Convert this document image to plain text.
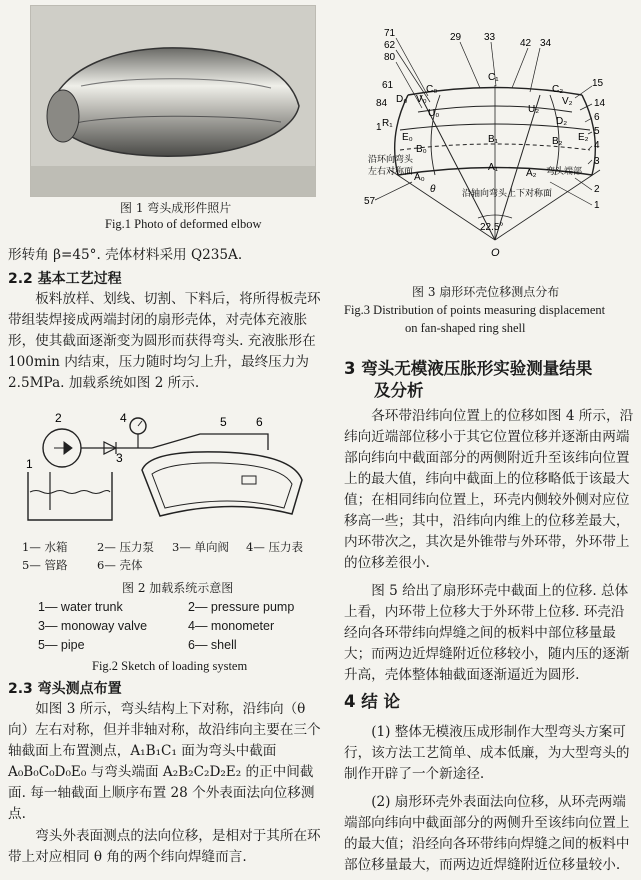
图 1 弯头成形件照片
Fig.1 Photo of deformed elbow
形转角 β=45°. 壳体材料采用 Q235A.
2.2 基本工艺过程

板料放样、划线、切割、下料后，将所得板壳环带组装焊接成两端封闭的扇形壳体，对壳体充液胀形，使其截面逐渐变为圆形而获得弯头. 充液胀形在 100min 内结束，压力随时均匀上升，最终压力为 2.5MPa. 加载系统如图 2 所示.

2
1	3
4	5 6
1— 水箱	2— 压力泵 3— 单向阀 4— 压力表
5— 管路	6— 壳体
图 2 加载系统示意图
1— water trunk	2— pressure pump
3— monoway valve	4— monometer
5— pipe	6— shell
Fig.2 Sketch of loading system
2.3 弯头测点布置

如图 3 所示，弯头结构上下对称，沿纬向（θ 向）左右对称，但并非轴对称，故沿纬向主要在三个轴截面上布置测点，A₁B₁C₁ 面为弯头中截面 A₀B₀C₀D₀E₀ 与弯头端面 A₂B₂C₂D₂E₂ 的正中间截面. 每一轴截面上顺序布置 28 个外表面法向位移测点.

弯头外表面测点的法向位移，是相对于其所在环带上对应相同 θ 角的两个纬向焊缝而言.

71
62
80
29 33
42 34
61
84
1
15
14
6
5
4
3
2
1
C₀
C₁
C₂
D₀ V₀
U₀	U₂
V₂
D₂
R₁
E₀
B₀
B₁	B₂ E₂
A₁
A₂
A₀
沿环向弯头
左右对称面	弯头端部
沿轴向弯头上下对称面
θ
57
22.5°
O
图 3 扇形环壳位移测点分布
Fig.3 Distribution of points measuring displacement
on fan-shaped ring shell
3 弯头无模液压胀形实验测量结果
及分析

各环带沿纬向位置上的位移如图 4 所示，沿纬向近端部位移小于其它位置位移并逐渐由两端部向纬向中截面部分的两侧附近升至该纬向位置上的最大值，纬向中截面上的位移略低于该最大值；在相同纬向位置上，环壳内侧较外侧对应位移高一些；其中，沿纬向内维上的位移差最大，内环带次之，其次是外锥带与外环带，外环带上的位移差很小.

图 5 给出了扇形环壳中截面上的位移. 总体上看，内环带上位移大于外环带上位移. 环壳沿经向各环带纬向焊缝之间的板料中部位移量最大；而两边近焊缝附近位移较小，随内压的逐渐升高，壳体整体轴截面逐渐逼近为圆形.

4 结 论

(1) 整体无模液压成形制作大型弯头方案可行，该方法工艺简单、成本低廉，为大型弯头的制作开辟了一个新途径.

(2) 扇形环壳外表面法向位移，从环壳两端端部向纬向中截面部分的两侧升至该纬向位置上的最大值；沿经向各环带纬向焊缝之间的板料中部位移量最大，而两边近焊缝附近位移量较小.
